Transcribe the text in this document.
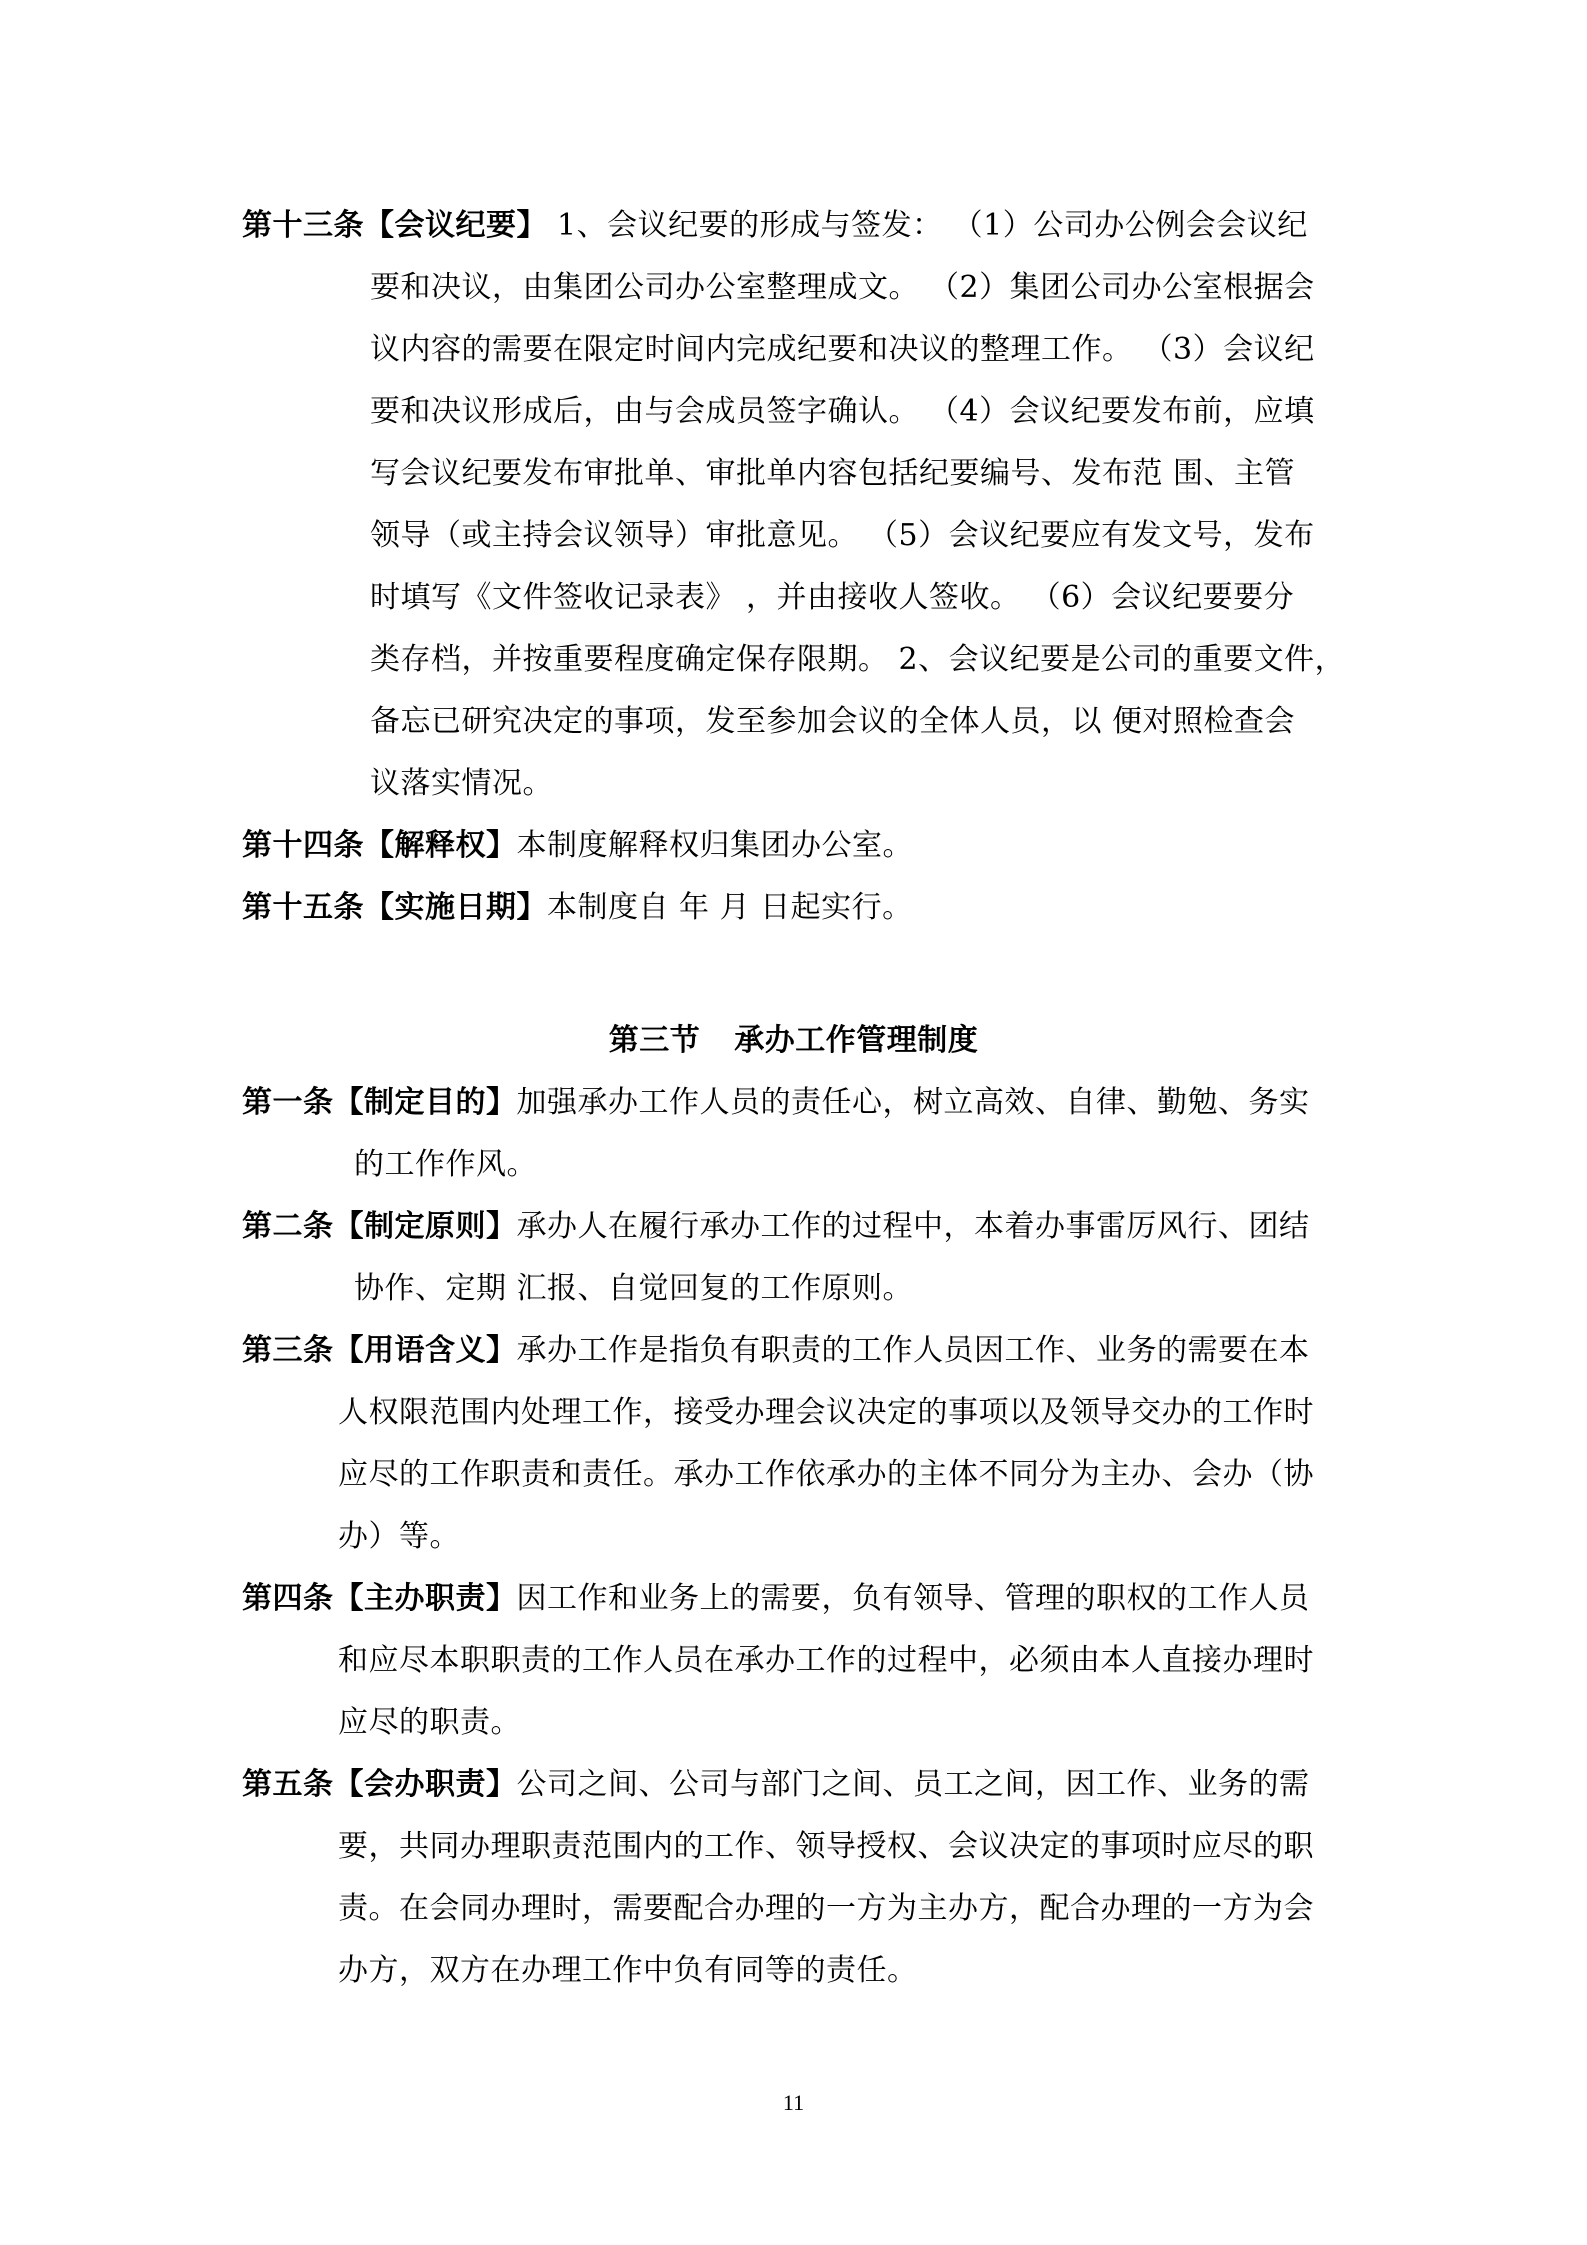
第十三条【会议纪要】 1、会议纪要的形成与签发： （1）公司办公例会会议纪
要和决议，由集团公司办公室整理成文。 （2）集团公司办公室根据会
议内容的需要在限定时间内完成纪要和决议的整理工作。 （3）会议纪
要和决议形成后，由与会成员签字确认。 （4）会议纪要发布前，应填
写会议纪要发布审批单、审批单内容包括纪要编号、发布范 围、主管
领导（或主持会议领导）审批意见。 （5）会议纪要应有发文号，发布
时填写《文件签收记录表》 ，并由接收人签收。 （6）会议纪要要分
类存档，并按重要程度确定保存限期。 2、会议纪要是公司的重要文件，
备忘已研究决定的事项，发至参加会议的全体人员，以 便对照检查会
议落实情况。
第十四条【解释权】本制度解释权归集团办公室。
第十五条【实施日期】本制度自 年 月 日起实行。
第三节 承办工作管理制度
第一条【制定目的】加强承办工作人员的责任心，树立高效、自律、勤勉、务实
的工作作风。
第二条【制定原则】承办人在履行承办工作的过程中，本着办事雷厉风行、团结
协作、定期 汇报、自觉回复的工作原则。
第三条【用语含义】承办工作是指负有职责的工作人员因工作、业务的需要在本
人权限范围内处理工作，接受办理会议决定的事项以及领导交办的工作时
应尽的工作职责和责任。承办工作依承办的主体不同分为主办、会办（协
办）等。
第四条【主办职责】因工作和业务上的需要，负有领导、管理的职权的工作人员
和应尽本职职责的工作人员在承办工作的过程中，必须由本人直接办理时
应尽的职责。
第五条【会办职责】公司之间、公司与部门之间、员工之间，因工作、业务的需
要，共同办理职责范围内的工作、领导授权、会议决定的事项时应尽的职
责。在会同办理时，需要配合办理的一方为主办方，配合办理的一方为会
办方，双方在办理工作中负有同等的责任。
11
